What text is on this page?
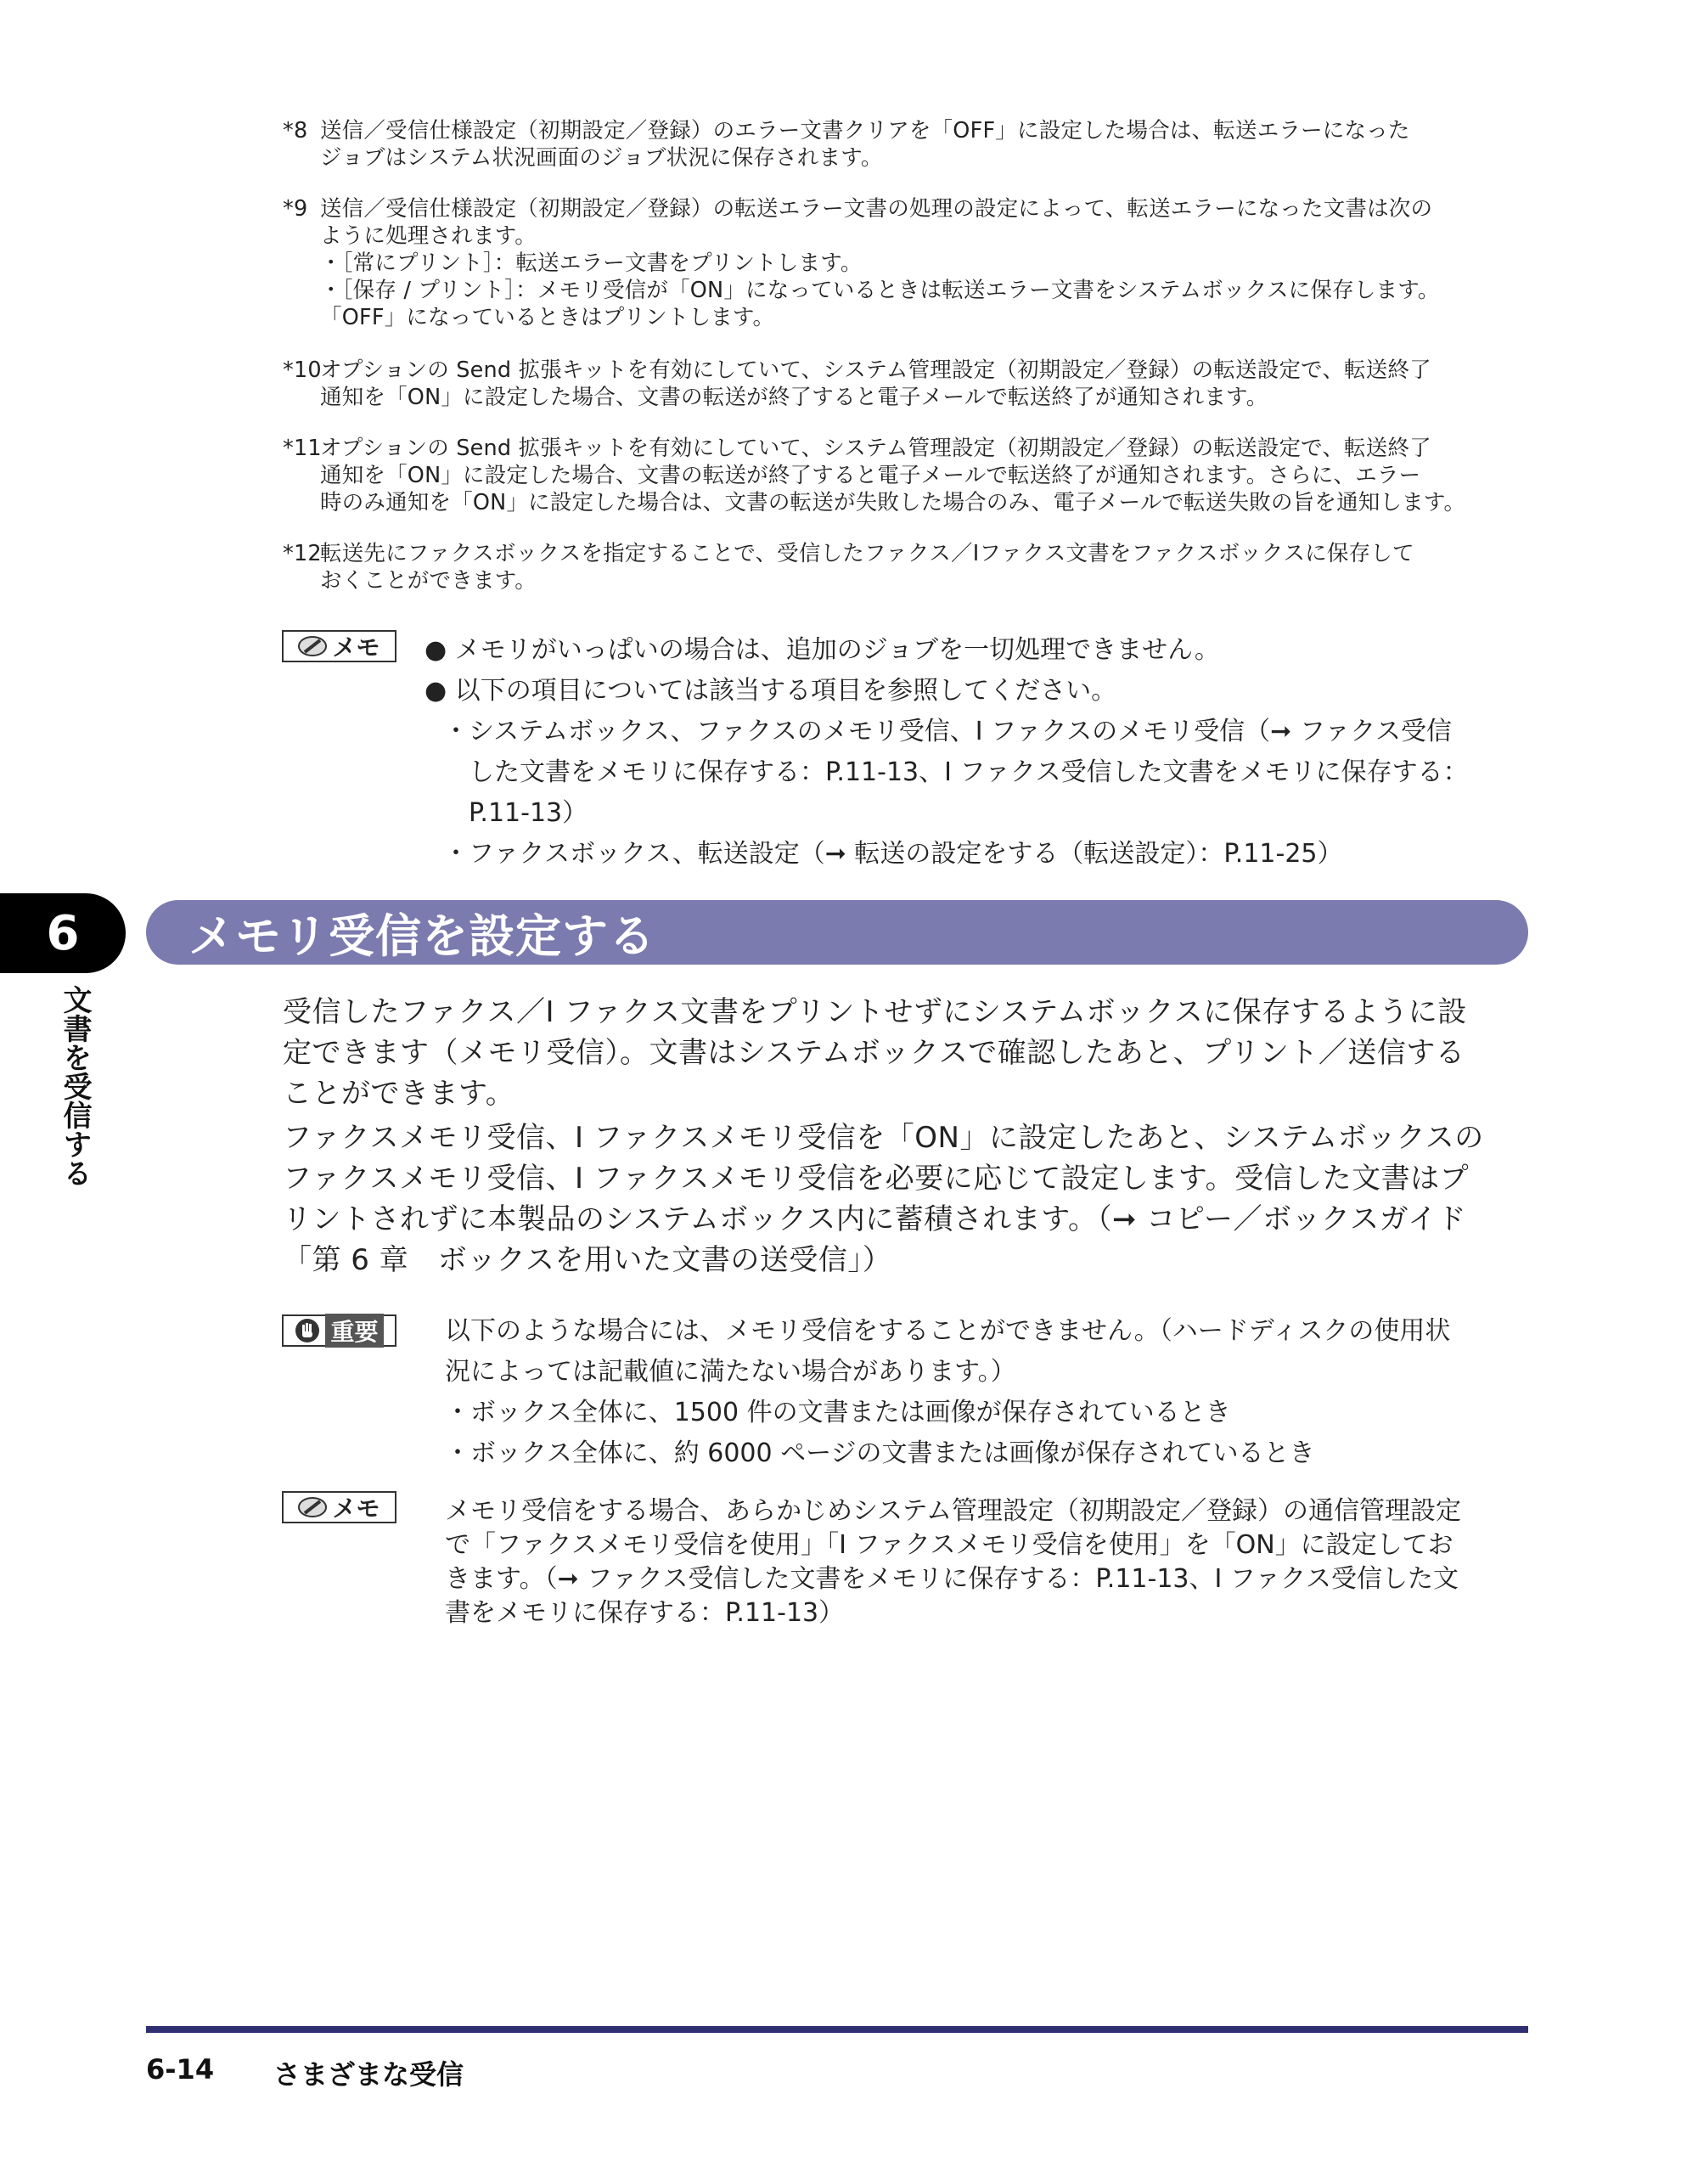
*8 送信／受信仕様設定（初期設定／登録）のエラー文書クリアを「OFF」に設定した場合は、転送エラーになった

ジョブはシステム状況画面のジョブ状況に保存されます。

*9 送信／受信仕様設定（初期設定／登録）の転送エラー文書の処理の設定によって、転送エラーになった文書は次の

ように処理されます。

・［常にプリント］：転送エラー文書をプリントします。

・［保存 / プリント］：メモリ受信が「ON」になっているときは転送エラー文書をシステムボックスに保存します。

「OFF」になっているときはプリントします。

*10

オプションの Send 拡張キットを有効にしていて、システム管理設定（初期設定／登録）の転送設定で、転送終了

通知を「ON」に設定した場合、文書の転送が終了すると電子メールで転送終了が通知されます。

*11

オプションの Send 拡張キットを有効にしていて、システム管理設定（初期設定／登録）の転送設定で、転送終了

通知を「ON」に設定した場合、文書の転送が終了すると電子メールで転送終了が通知されます。さらに、エラー

時のみ通知を「ON」に設定した場合は、文書の転送が失敗した場合のみ、電子メールで転送失敗の旨を通知します。

*12

転送先にファクスボックスを指定することで、受信したファクス／Iファクス文書をファクスボックスに保存して

おくことができます。

メモ ● メモリがいっぱいの場合は、追加のジョブを一切処理できません。

● 以下の項目については該当する項目を参照してください。

・システムボックス、ファクスのメモリ受信、I ファクスのメモリ受信（➞ ファクス受信

した文書をメモリに保存する：P.11-13、I ファクス受信した文書をメモリに保存する：

P.11-13）

・ファクスボックス、転送設定（➞ 転送の設定をする（転送設定）：P.11-25）

6
文書を受信する
メモリ受信を設定する

受信したファクス／I ファクス文書をプリントせずにシステムボックスに保存するように設

定できます（メモリ受信）。文書はシステムボックスで確認したあと、プリント／送信する

ことができます。

ファクスメモリ受信、I ファクスメモリ受信を「ON」に設定したあと、システムボックスの

ファクスメモリ受信、I ファクスメモリ受信を必要に応じて設定します。受信した文書はプ

リントされずに本製品のシステムボックス内に蓄積されます。（➞ コピー／ボックスガイド

「第 6 章　ボックスを用いた文書の送受信」）

重要	以下のような場合には、メモリ受信をすることができません。（ハードディスクの使用状

況によっては記載値に満たない場合があります。）

・ボックス全体に、1500 件の文書または画像が保存されているとき

・ボックス全体に、約 6000 ページの文書または画像が保存されているとき

メモ	メモリ受信をする場合、あらかじめシステム管理設定（初期設定／登録）の通信管理設定

で「ファクスメモリ受信を使用」「I ファクスメモリ受信を使用」を「ON」に設定してお

きます。（➞ ファクス受信した文書をメモリに保存する：P.11-13、I ファクス受信した文

書をメモリに保存する：P.11-13）

6-14 さまざまな受信
